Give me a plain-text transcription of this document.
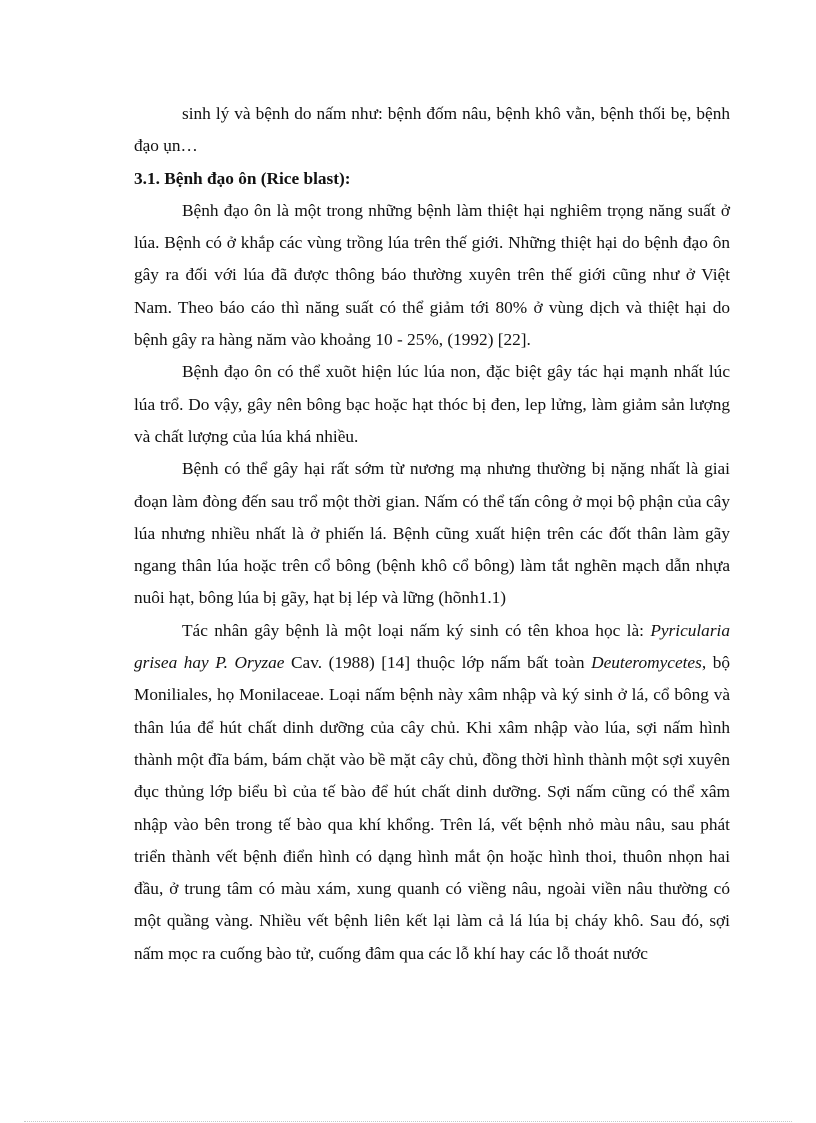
sinh lý và bệnh do nấm như: bệnh đốm nâu, bệnh khô vằn, bệnh thối bẹ, bệnh đạo ụn…

3.1. Bệnh đạo ôn (Rice blast):

Bệnh đạo ôn là một trong những bệnh làm thiệt hại nghiêm trọng năng suất ở lúa. Bệnh có ở khắp các vùng trồng lúa trên thế giới. Những thiệt hại do bệnh đạo ôn gây ra đối với lúa đã được thông báo thường xuyên trên thế giới cũng như ở Việt Nam. Theo báo cáo thì năng suất có thể giảm tới 80% ở vùng dịch và thiệt hại do bệnh gây ra hàng năm vào khoảng 10 - 25%, (1992) [22].

Bệnh đạo ôn có thể xuõt hiện lúc lúa non, đặc biệt gây tác hại mạnh nhất lúc lúa trổ. Do vậy, gây nên bông bạc hoặc hạt thóc bị đen, lep lửng, làm giảm sản lượng và chất lượng của lúa khá nhiều.

Bệnh có thể gây hại rất sớm từ nương mạ nhưng thường bị nặng nhất là giai đoạn làm đòng đến sau trổ một thời gian. Nấm có thể tấn công ở mọi bộ phận của cây lúa nhưng nhiều nhất là ở phiến lá. Bệnh cũng xuất hiện trên các đốt thân làm gãy ngang thân lúa hoặc trên cổ bông (bệnh khô cổ bông) làm tắt nghẽn mạch dẫn nhựa nuôi hạt, bông lúa bị gãy, hạt bị lép và lững (hõnh1.1)

Tác nhân gây bệnh là một loại nấm ký sinh có tên khoa học là: Pyricularia grisea hay P. Oryzae Cav. (1988) [14] thuộc lớp nấm bất toàn Deuteromycetes, bộ Moniliales, họ Monilaceae. Loại nấm bệnh này xâm nhập và ký sinh ở lá, cổ bông và thân lúa để hút chất dinh dưỡng của cây chủ. Khi xâm nhập vào lúa, sợi nấm hình thành một đĩa bám, bám chặt vào bề mặt cây chủ, đồng thời hình thành một sợi xuyên đục thủng lớp biểu bì của tế bào để hút chất dinh dưỡng. Sợi nấm cũng có thể xâm nhập vào bên trong tế bào qua khí khổng. Trên lá, vết bệnh nhỏ màu nâu, sau phát triển thành vết bệnh điển hình có dạng hình mắt ộn hoặc hình thoi, thuôn nhọn hai đầu, ở trung tâm có màu xám, xung quanh có viềng nâu, ngoài viền nâu thường có một quầng vàng. Nhiều vết bệnh liên kết lại làm cả lá lúa bị cháy khô. Sau đó, sợi nấm mọc ra cuống bào tử, cuống đâm qua các lỗ khí hay các lỗ thoát nước
